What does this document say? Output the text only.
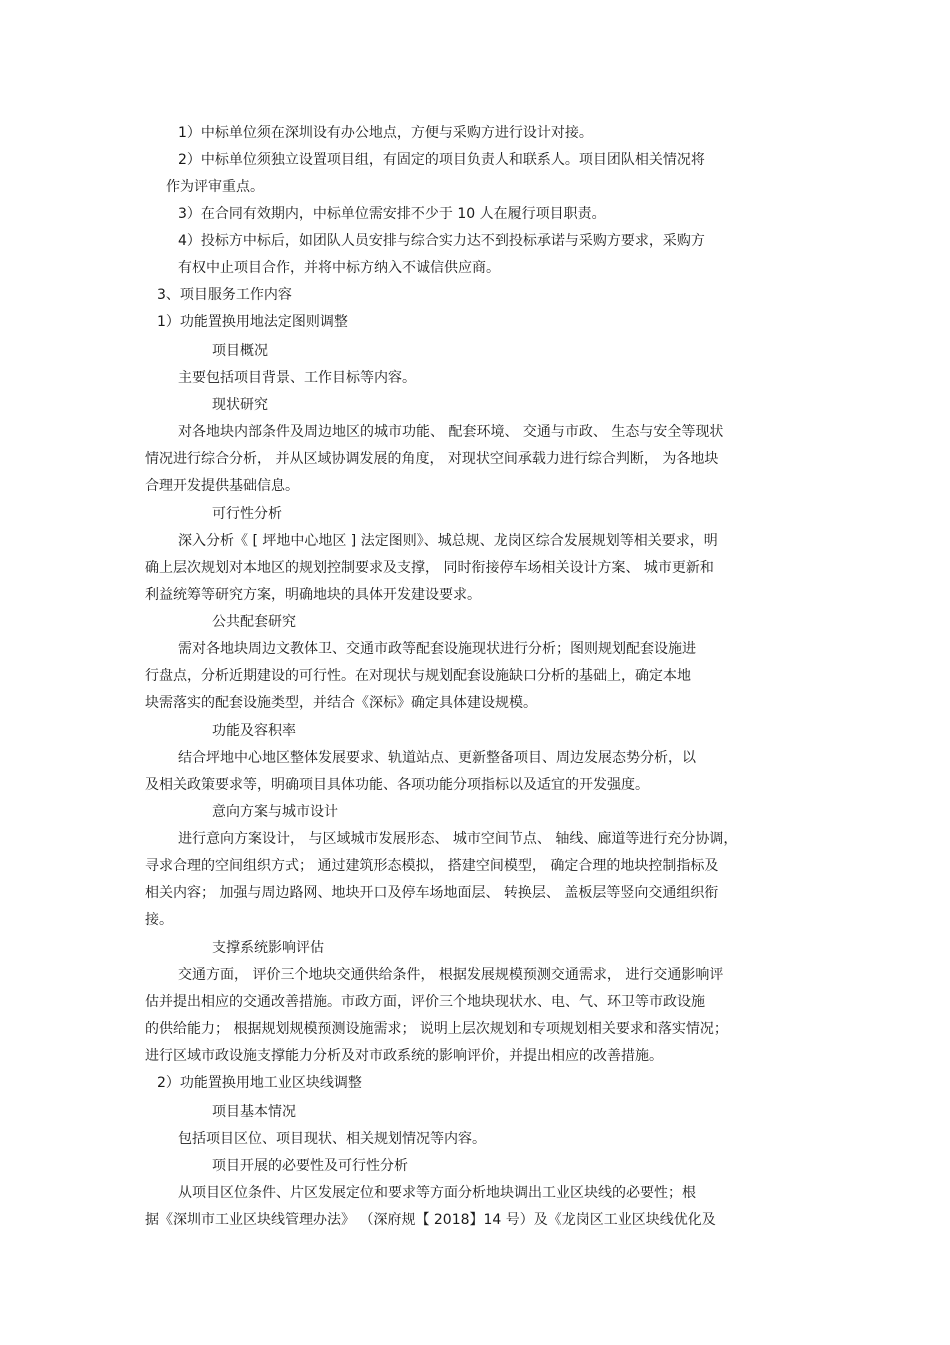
1）中标单位须在深圳设有办公地点，方便与采购方进行设计对接。
2）中标单位须独立设置项目组，有固定的项目负责人和联系人。项目团队相关情况将
作为评审重点。
3）在合同有效期内，中标单位需安排不少于 10 人在履行项目职责。
4）投标方中标后，如团队人员安排与综合实力达不到投标承诺与采购方要求，采购方
有权中止项目合作，并将中标方纳入不诚信供应商。
3、项目服务工作内容
1）功能置换用地法定图则调整
项目概况
主要包括项目背景、工作目标等内容。
现状研究
对各地块内部条件及周边地区的城市功能、 配套环境、 交通与市政、 生态与安全等现状
情况进行综合分析， 并从区域协调发展的角度， 对现状空间承载力进行综合判断， 为各地块
合理开发提供基础信息。
可行性分析
深入分析《 [ 坪地中心地区 ] 法定图则》、城总规、龙岗区综合发展规划等相关要求，明
确上层次规划对本地区的规划控制要求及支撑， 同时衔接停车场相关设计方案、 城市更新和
利益统筹等研究方案，明确地块的具体开发建设要求。
公共配套研究
需对各地块周边文教体卫、交通市政等配套设施现状进行分析；图则规划配套设施进
行盘点，分析近期建设的可行性。在对现状与规划配套设施缺口分析的基础上，确定本地
块需落实的配套设施类型，并结合《深标》确定具体建设规模。
功能及容积率
结合坪地中心地区整体发展要求、轨道站点、更新整备项目、周边发展态势分析，以
及相关政策要求等，明确项目具体功能、各项功能分项指标以及适宜的开发强度。
意向方案与城市设计
进行意向方案设计， 与区域城市发展形态、 城市空间节点、 轴线、廊道等进行充分协调，
寻求合理的空间组织方式； 通过建筑形态模拟， 搭建空间模型， 确定合理的地块控制指标及
相关内容； 加强与周边路网、地块开口及停车场地面层、 转换层、 盖板层等竖向交通组织衔
接。
支撑系统影响评估
交通方面， 评价三个地块交通供给条件， 根据发展规模预测交通需求， 进行交通影响评
估并提出相应的交通改善措施。市政方面，评价三个地块现状水、电、气、环卫等市政设施
的供给能力； 根据规划规模预测设施需求； 说明上层次规划和专项规划相关要求和落实情况；
进行区域市政设施支撑能力分析及对市政系统的影响评价，并提出相应的改善措施。
2）功能置换用地工业区块线调整
项目基本情况
包括项目区位、项目现状、相关规划情况等内容。
项目开展的必要性及可行性分析
从项目区位条件、片区发展定位和要求等方面分析地块调出工业区块线的必要性；根
据《深圳市工业区块线管理办法》 （深府规【 2018】14 号）及《龙岗区工业区块线优化及
